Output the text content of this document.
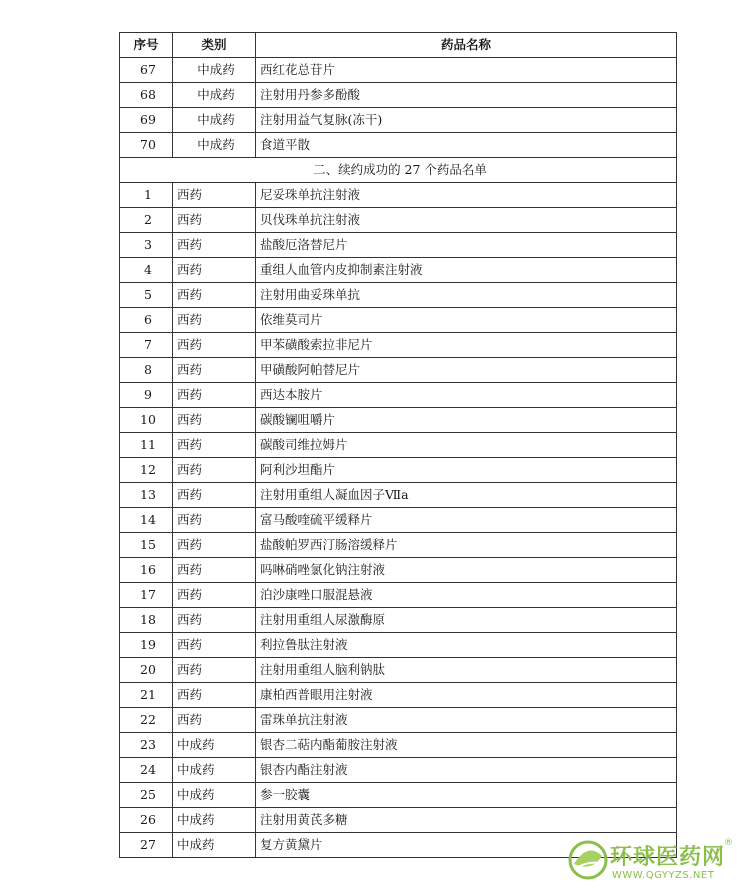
序号	类别	药品名称
67	中成药	西红花总苷片
68	中成药	注射用丹参多酚酸
69	中成药	注射用益气复脉(冻干)
70	中成药	食道平散
二、续约成功的 27 个药品名单		
1	西药	尼妥珠单抗注射液
2	西药	贝伐珠单抗注射液
3	西药	盐酸厄洛替尼片
4	西药	重组人血管内皮抑制素注射液
5	西药	注射用曲妥珠单抗
6	西药	依维莫司片
7	西药	甲苯磺酸索拉非尼片
8	西药	甲磺酸阿帕替尼片
9	西药	西达本胺片
10	西药	碳酸镧咀嚼片
11	西药	碳酸司维拉姆片
12	西药	阿利沙坦酯片
13	西药	注射用重组人凝血因子Ⅶa
14	西药	富马酸喹硫平缓释片
15	西药	盐酸帕罗西汀肠溶缓释片
16	西药	吗啉硝唑氯化钠注射液
17	西药	泊沙康唑口服混悬液
18	西药	注射用重组人尿激酶原
19	西药	利拉鲁肽注射液
20	西药	注射用重组人脑利钠肽
21	西药	康柏西普眼用注射液
22	西药	雷珠单抗注射液
23	中成药	银杏二萜内酯葡胺注射液
24	中成药	银杏内酯注射液
25	中成药	参一胶囊
26	中成药	注射用黄芪多糖
27	中成药	复方黄黛片
环球医药网
®
WWW.QGYYZS.NET
